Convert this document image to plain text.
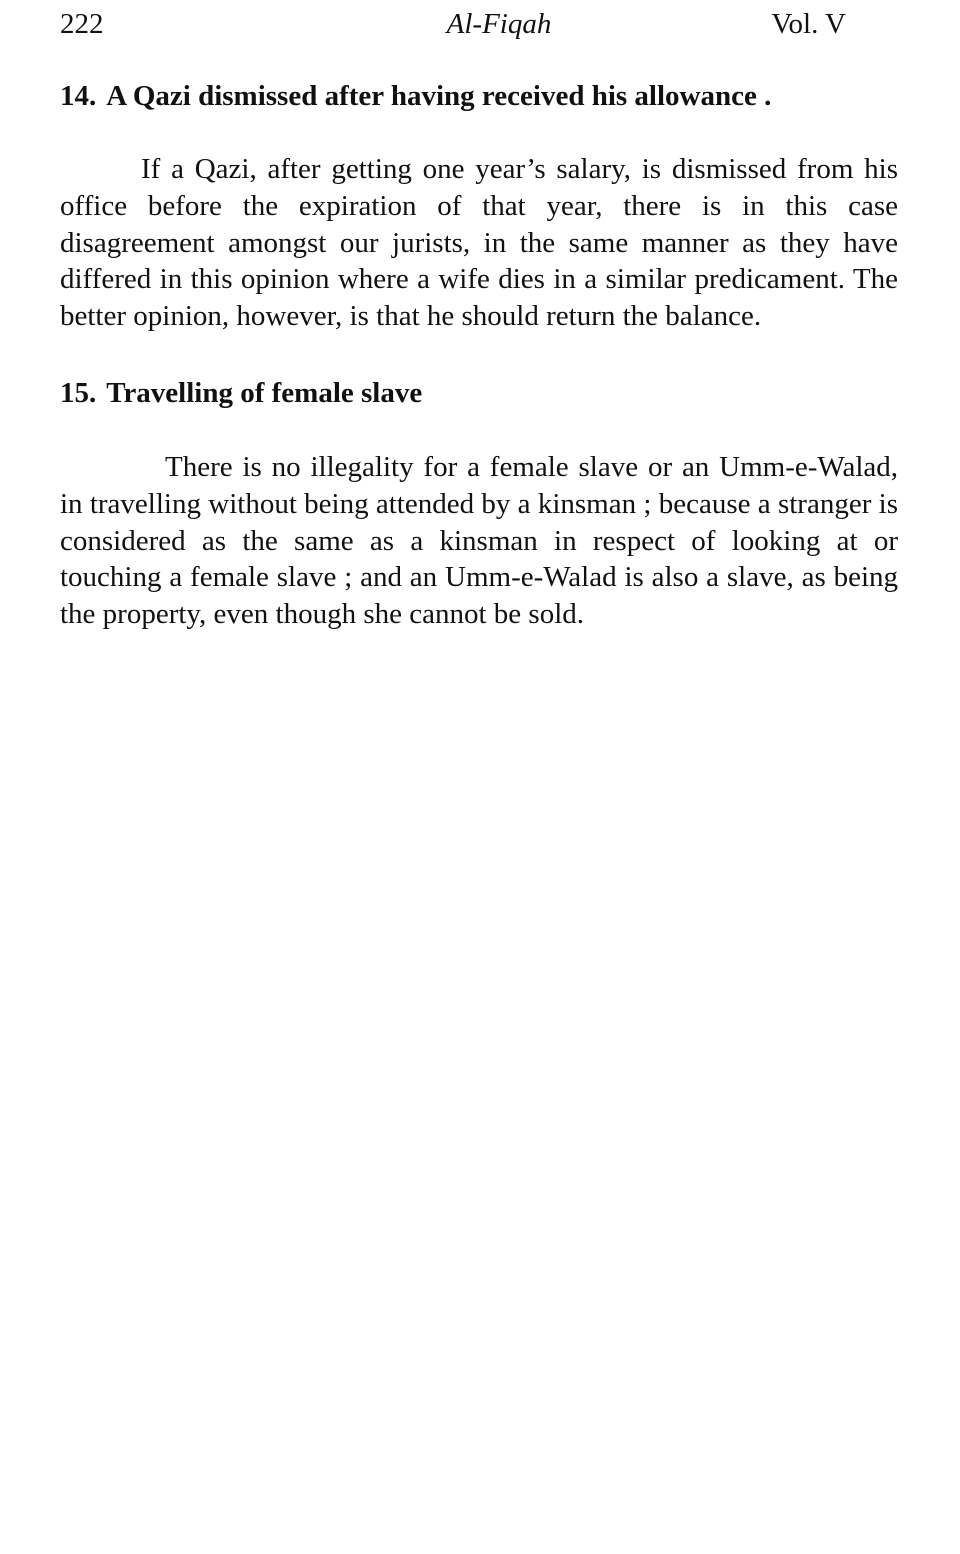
222	Al-Fiqah	Vol. V
14. A Qazi dismissed after having received his allowance .

If a Qazi, after getting one year’s salary, is dismissed from his office before the expiration of that year, there is in this case disagreement amongst our jurists, in the same manner as they have differed in this opinion where a wife dies in a similar predicament. The better opinion, however, is that he should return the balance.

15. Travelling of female slave

There is no illegality for a female slave or an Umm-e-Walad, in travelling without being attended by a kinsman ; because a stranger is considered as the same as a kinsman in respect of looking at or touching a female slave ; and an Umm-e-Walad is also a slave, as being the property, even though she cannot be sold.
